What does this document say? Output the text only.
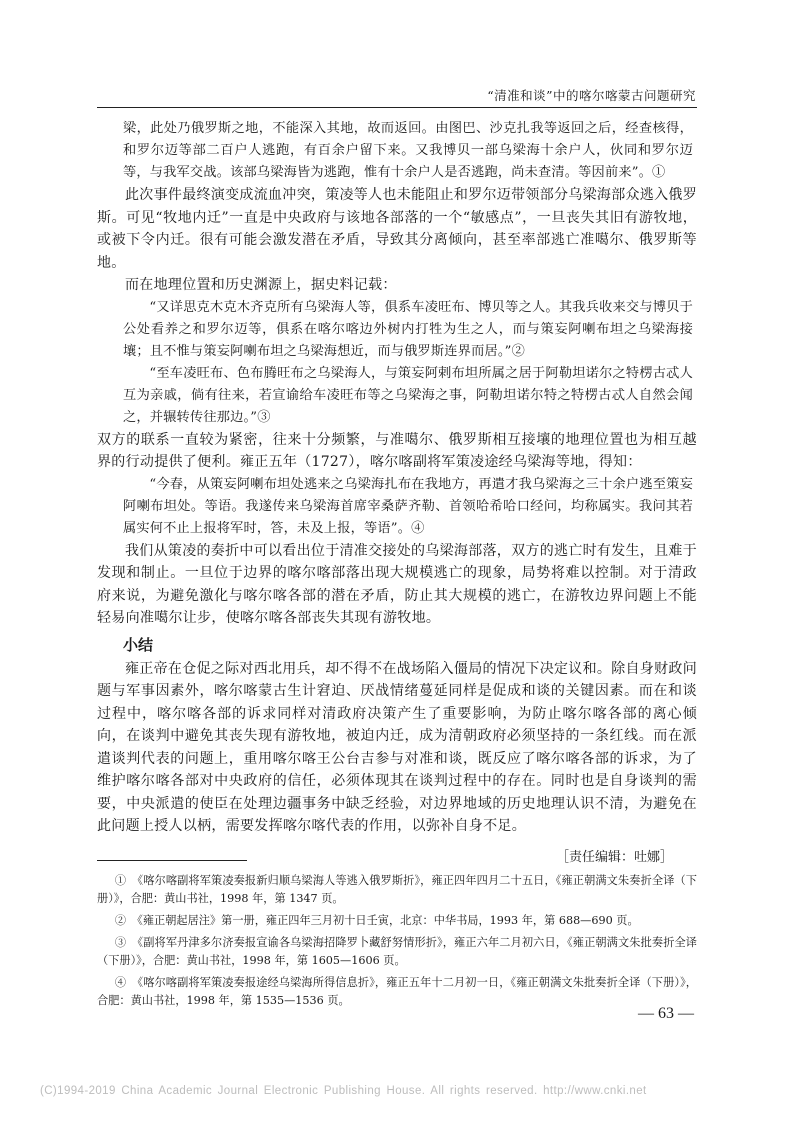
“清准和谈”中的喀尔喀蒙古问题研究

梁，此处乃俄罗斯之地，不能深入其地，故而返回。由图巴、沙克扎我等返回之后，经查核得，和罗尔迈等部二百户人逃跑，有百余户留下来。又我博贝一部乌梁海十余户人，伙同和罗尔迈等，与我军交战。该部乌梁海皆为逃跑，惟有十余户人是否逃跑，尚未查清。等因前来”。①

此次事件最终演变成流血冲突，策凌等人也未能阻止和罗尔迈带领部分乌梁海部众逃入俄罗斯。可见“牧地内迁”一直是中央政府与该地各部落的一个“敏感点”，一旦丧失其旧有游牧地，或被下令内迁。很有可能会激发潜在矛盾，导致其分离倾向，甚至率部逃亡准噶尔、俄罗斯等地。

而在地理位置和历史渊源上，据史料记载：

“又详思克木克木齐克所有乌梁海人等，俱系车凌旺布、博贝等之人。其我兵收来交与博贝于公处看养之和罗尔迈等，俱系在喀尔喀边外树内打牲为生之人，而与策妄阿喇布坦之乌梁海接壤；且不惟与策妄阿喇布坦之乌梁海想近，而与俄罗斯连界而居。”②

“至车凌旺布、色布腾旺布之乌梁海人，与策妄阿剌布坦所属之居于阿勒坦诺尔之特楞古忒人互为亲戚，倘有往来，若宣谕给车凌旺布等之乌梁海之事，阿勒坦诺尔特之特楞古忒人自然会闻之，并辗转传往那边。”③

双方的联系一直较为紧密，往来十分频繁，与准噶尔、俄罗斯相互接壤的地理位置也为相互越界的行动提供了便利。雍正五年（1727），喀尔喀副将军策凌途经乌梁海等地，得知：

“今春，从策妄阿喇布坦处逃来之乌梁海扎布在我地方，再遣才我乌梁海之三十余户逃至策妄阿喇布坦处。等语。我遂传来乌梁海首席宰桑萨齐勒、首领哈希哈口经问，均称属实。我问其若属实何不止上报将军时，答，未及上报，等语”。④

我们从策凌的奏折中可以看出位于清准交接处的乌梁海部落，双方的逃亡时有发生，且难于发现和制止。一旦位于边界的喀尔喀部落出现大规模逃亡的现象，局势将难以控制。对于清政府来说，为避免激化与喀尔喀各部的潜在矛盾，防止其大规模的逃亡，在游牧边界问题上不能轻易向准噶尔让步，使喀尔喀各部丧失其现有游牧地。

小结

雍正帝在仓促之际对西北用兵，却不得不在战场陷入僵局的情况下决定议和。除自身财政问题与军事因素外，喀尔喀蒙古生计窘迫、厌战情绪蔓延同样是促成和谈的关键因素。而在和谈过程中，喀尔喀各部的诉求同样对清政府决策产生了重要影响，为防止喀尔喀各部的离心倾向，在谈判中避免其丧失现有游牧地，被迫内迁，成为清朝政府必须坚持的一条红线。而在派遣谈判代表的问题上，重用喀尔喀王公台吉参与对准和谈，既反应了喀尔喀各部的诉求，为了维护喀尔喀各部对中央政府的信任，必须体现其在谈判过程中的存在。同时也是自身谈判的需要，中央派遣的使臣在处理边疆事务中缺乏经验，对边界地域的历史地理认识不清，为避免在此问题上授人以柄，需要发挥喀尔喀代表的作用，以弥补自身不足。

［责任编辑：吐娜］

①　《喀尔喀副将军策凌奏报新归顺乌梁海人等逃入俄罗斯折》，雍正四年四月二十五日，《雍正朝满文朱奏折全译（下册）》，合肥：黄山书社，1998 年，第 1347 页。

②　《雍正朝起居注》第一册，雍正四年三月初十日壬寅，北京：中华书局，1993 年，第 688—690 页。

③　《副将军丹津多尔济奏报宣谕各乌梁海招降罗卜藏舒努情形折》，雍正六年二月初六日，《雍正朝满文朱批奏折全译（下册）》，合肥：黄山书社，1998 年，第 1605—1606 页。

④　《喀尔喀副将军策凌奏报途经乌梁海所得信息折》，雍正五年十二月初一日，《雍正朝满文朱批奏折全译（下册）》，合肥：黄山书社，1998 年，第 1535—1536 页。

— 63 —
(C)1994-2019 China Academic Journal Electronic Publishing House. All rights reserved. http://www.cnki.net
